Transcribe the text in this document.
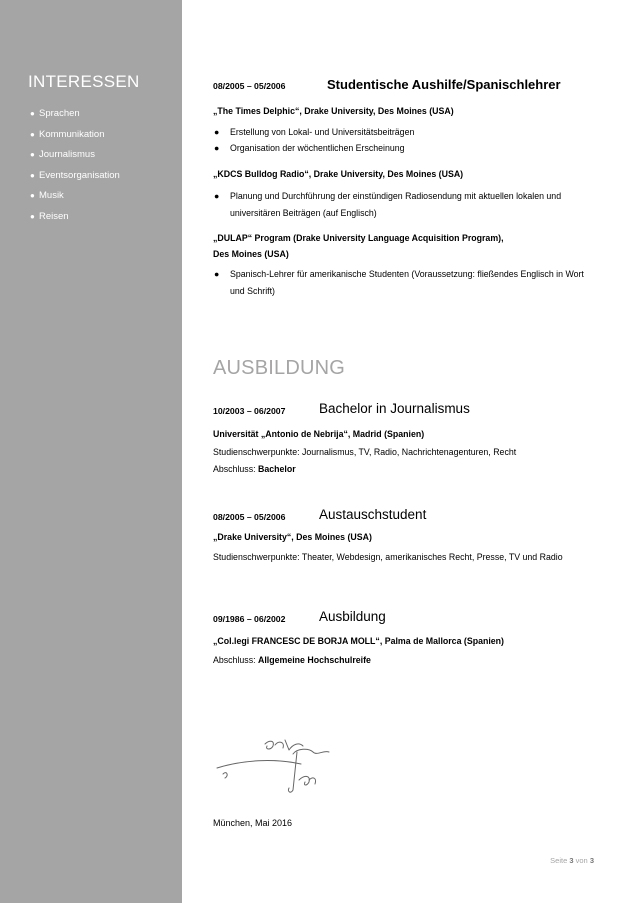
INTERESSEN
● Sprachen
● Kommunikation
● Journalismus
● Eventsorganisation
● Musik
● Reisen
08/2005 – 05/2006	Studentische Aushilfe/Spanischlehrer
„The Times Delphic“, Drake University, Des Moines (USA)
●	Erstellung von Lokal- und Universitätsbeiträgen
●	Organisation der wöchentlichen Erscheinung
„KDCS Bulldog Radio“, Drake University, Des Moines (USA)
●	Planung und Durchführung der einstündigen Radiosendung mit aktuellen lokalen und universitären Beiträgen (auf Englisch)
„DULAP“ Program (Drake University Language Acquisition Program),
Des Moines (USA)
●	Spanisch-Lehrer für amerikanische Studenten (Voraussetzung: fließendes Englisch in Wort und Schrift)
AUSBILDUNG
10/2003 – 06/2007 Bachelor in Journalismus
Universität „Antonio de Nebrija“, Madrid (Spanien)
Studienschwerpunkte: Journalismus, TV, Radio, Nachrichtenagenturen, Recht
Abschluss: Bachelor
08/2005 – 05/2006 Austauschstudent
„Drake University“, Des Moines (USA)
Studienschwerpunkte: Theater, Webdesign, amerikanisches Recht, Presse, TV und Radio
09/1986 – 06/2002 Ausbildung
„Col.legi FRANCESC DE BORJA MOLL“, Palma de Mallorca (Spanien)
Abschluss: Allgemeine Hochschulreife
München, Mai 2016
Seite 3 von 3
